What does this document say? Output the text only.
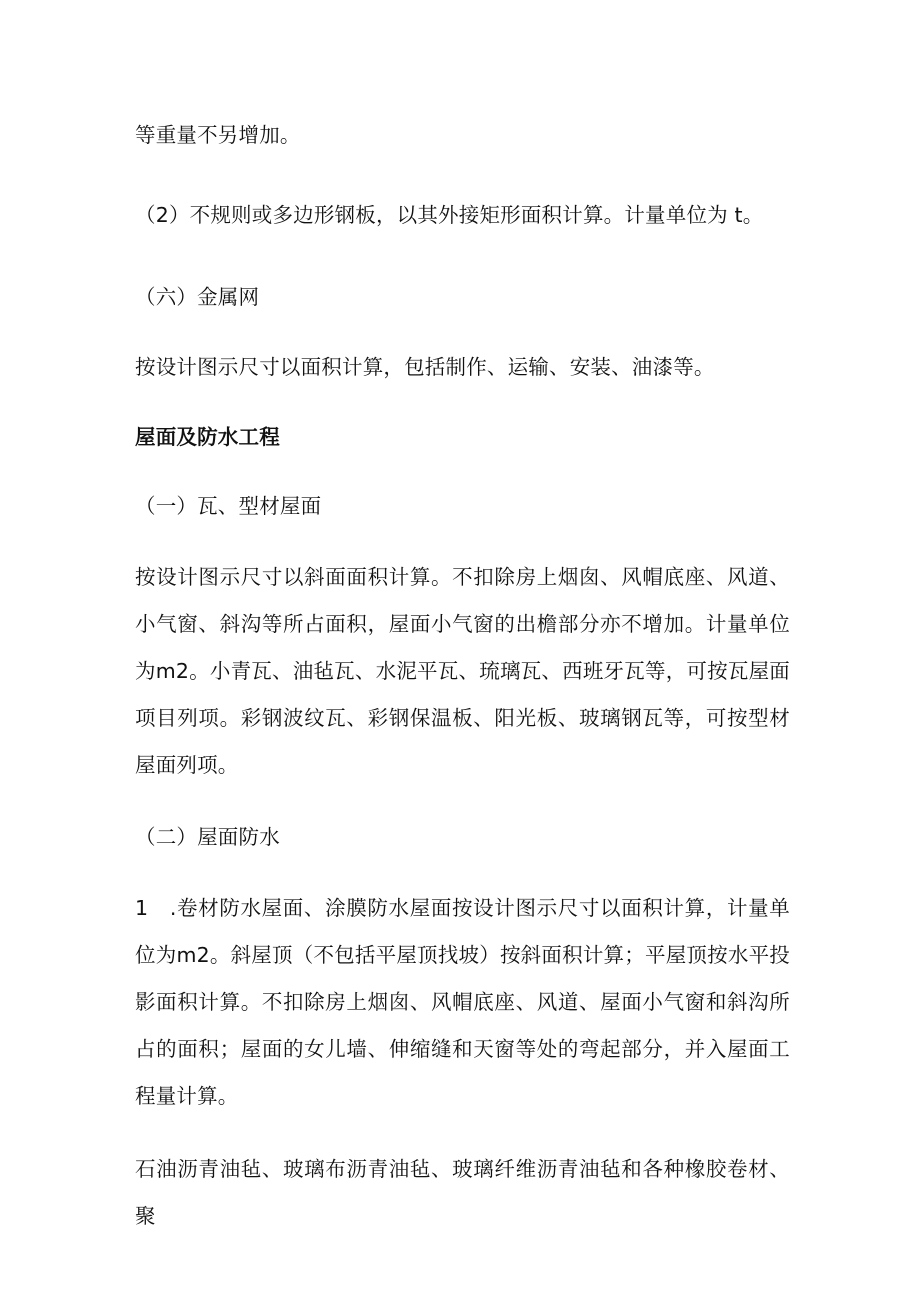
等重量不另增加。

（2）不规则或多边形钢板，以其外接矩形面积计算。计量单位为 t。

（六）金属网

按设计图示尺寸以面积计算，包括制作、运输、安装、油漆等。

屋面及防水工程

（一）瓦、型材屋面

按设计图示尺寸以斜面面积计算。不扣除房上烟囱、风帽底座、风道、小气窗、斜沟等所占面积，屋面小气窗的出檐部分亦不增加。计量单位为m2。小青瓦、油毡瓦、水泥平瓦、琉璃瓦、西班牙瓦等，可按瓦屋面项目列项。彩钢波纹瓦、彩钢保温板、阳光板、玻璃钢瓦等，可按型材屋面列项。

（二）屋面防水

1　.卷材防水屋面、涂膜防水屋面按设计图示尺寸以面积计算，计量单位为m2。斜屋顶（不包括平屋顶找坡）按斜面积计算；平屋顶按水平投影面积计算。不扣除房上烟囱、风帽底座、风道、屋面小气窗和斜沟所占的面积；屋面的女儿墙、伸缩缝和天窗等处的弯起部分，并入屋面工程量计算。

石油沥青油毡、玻璃布沥青油毡、玻璃纤维沥青油毡和各种橡胶卷材、聚
